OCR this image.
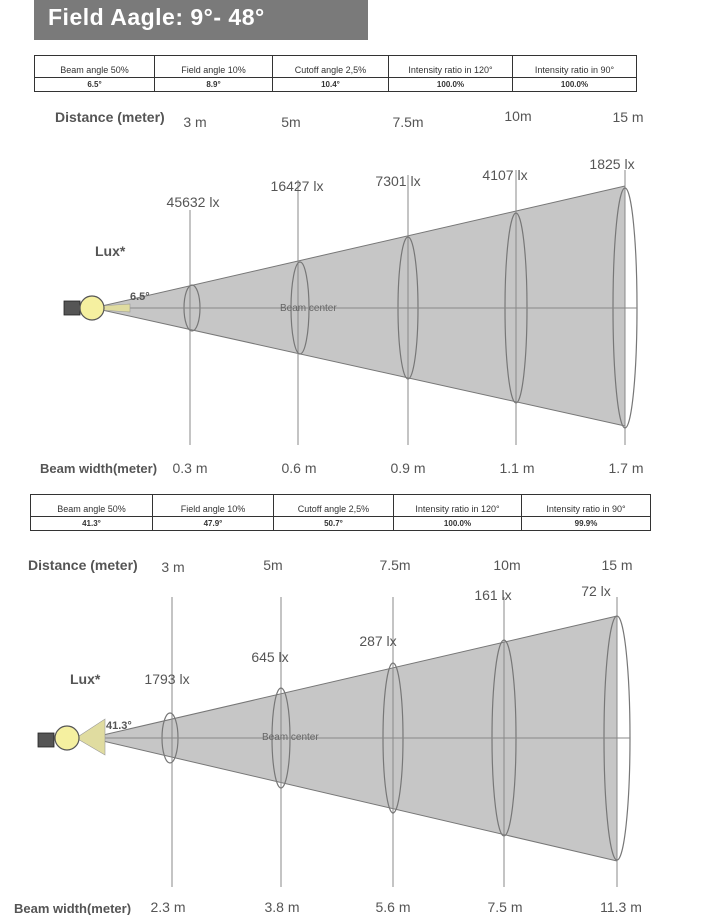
Field Aagle: 9°- 48°
Beam angle 50%	Field angle 10%	Cutoff angle 2,5%	Intensity ratio in 120°	Intensity ratio in 90°
6.5°	8.9°	10.4°	100.0%	100.0%
Distance (meter) 3 m	5m	7.5m	10m	15 m
Beam center
6.5°
Lux*
45632 lx
16427 lx	7301 lx	4107 lx
1825 lx
Beam width(meter) 0.3 m	0.6 m	0.9 m	1.1 m	1.7 m
Beam angle 50%	Field angle 10%	Cutoff angle 2,5%	Intensity ratio in 120°	Intensity ratio in 90°
41.3°	47.9°	50.7°	100.0%	99.9%
Distance (meter) 3 m	5m	7.5m	10m	15 m
Beam center
41.3°
Lux*	1793 lx
645 lx
287 lx
161 lx	72 lx
Beam width(meter) 2.3 m	3.8 m	5.6 m	7.5 m	11.3 m
